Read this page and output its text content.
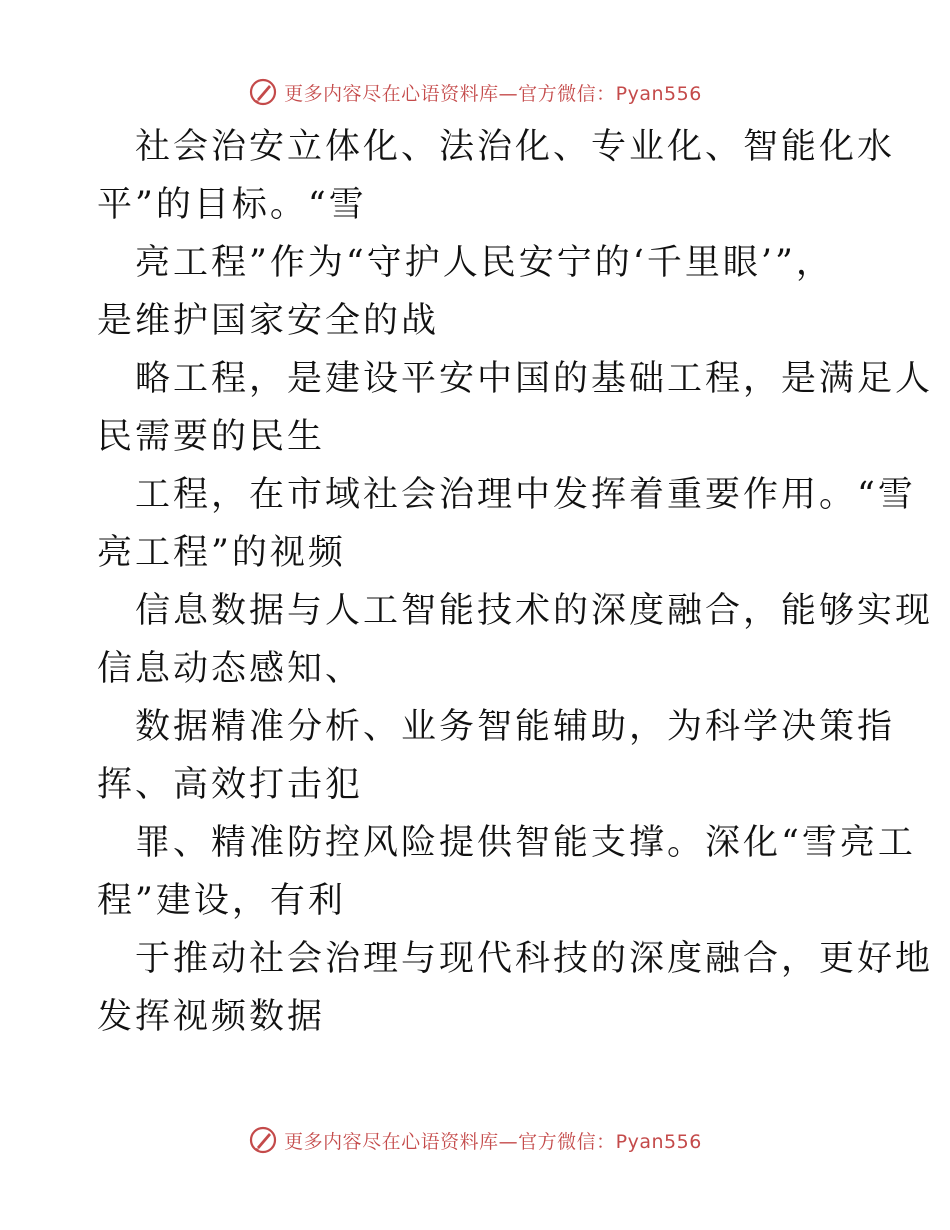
更多内容尽在心语资料库—官方微信：Pyan556
社会治安立体化、法治化、专业化、智能化水
平”的目标。“雪
亮工程”作为“守护人民安宁的‘千里眼’”，
是维护国家安全的战
略工程，是建设平安中国的基础工程，是满足人
民需要的民生
工程，在市域社会治理中发挥着重要作用。“雪
亮工程”的视频
信息数据与人工智能技术的深度融合，能够实现
信息动态感知、
数据精准分析、业务智能辅助，为科学决策指
挥、高效打击犯
罪、精准防控风险提供智能支撑。深化“雪亮工
程”建设，有利
于推动社会治理与现代科技的深度融合，更好地
发挥视频数据
更多内容尽在心语资料库—官方微信：Pyan556
